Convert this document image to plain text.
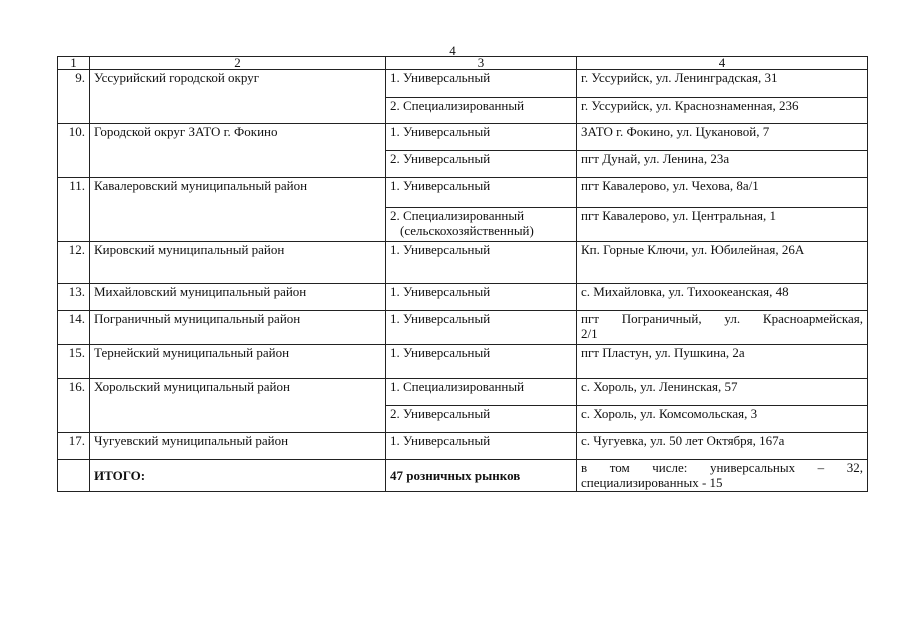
4
1	2	3	4
9.	Уссурийский городской округ	1. Универсальный	г. Уссурийск, ул. Ленинградская, 31
		2. Специализированный	г. Уссурийск, ул. Краснознаменная, 236
10.	Городской округ ЗАТО г. Фокино	1. Универсальный	ЗАТО г. Фокино, ул. Цукановой, 7
		2. Универсальный	пгт Дунай, ул. Ленина, 23а
11.	Кавалеровский муниципальный район	1. Универсальный	пгт Кавалерово, ул. Чехова, 8а/1
		2. Специализированный
(сельскохозяйственный)	пгт Кавалерово, ул. Центральная, 1
12.	Кировский муниципальный район	1. Универсальный	Кп. Горные Ключи, ул. Юбилейная, 26А
13.	Михайловский муниципальный район	1. Универсальный	с. Михайловка, ул. Тихоокеанская, 48
14.	Пограничный муниципальный район	1. Универсальный	пгт Пограничный, ул. Красноармейская,
2/1

15.	Тернейский муниципальный район	1. Универсальный	пгт Пластун, ул. Пушкина, 2а
16.	Хорольский муниципальный район	1. Специализированный	с. Хороль, ул. Ленинская, 57
		2. Универсальный	с. Хороль, ул. Комсомольская, 3
17.	Чугуевский муниципальный район	1. Универсальный	с. Чугуевка, ул. 50 лет Октября, 167а
	ИТОГО:	47 розничных рынков	в том числе: универсальных – 32,
специализированных - 15
